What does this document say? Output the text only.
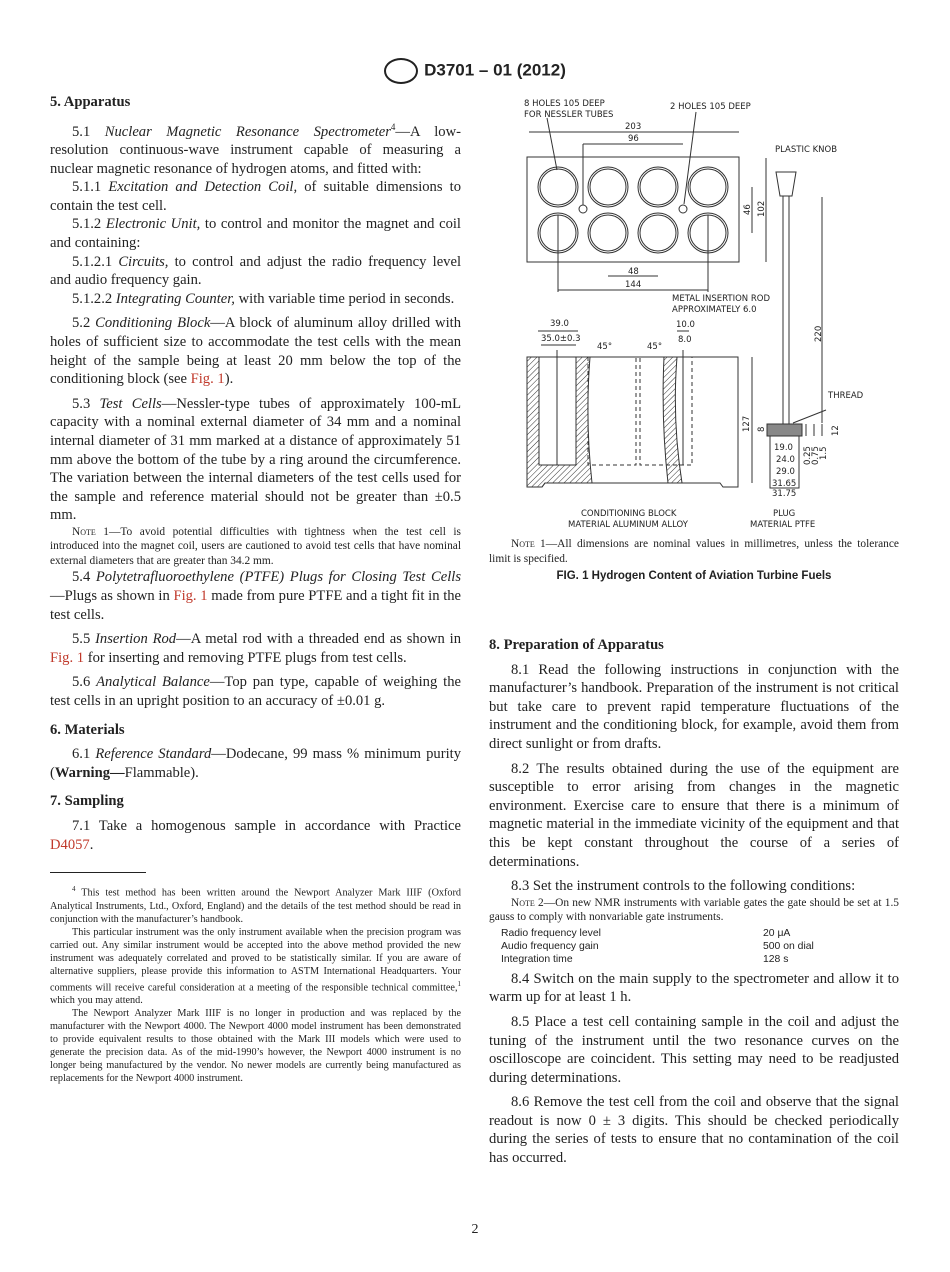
D3701 – 01 (2012)
5. Apparatus

5.1 Nuclear Magnetic Resonance Spectrometer$^4$—A low-resolution continuous-wave instrument capable of measuring a nuclear magnetic resonance of hydrogen atoms, and fitted with:

5.1.1 Excitation and Detection Coil, of suitable dimensions to contain the test cell.

5.1.2 Electronic Unit, to control and monitor the magnet and coil and containing:

5.1.2.1 Circuits, to control and adjust the radio frequency level and audio frequency gain.

5.1.2.2 Integrating Counter, with variable time period in seconds.

5.2 Conditioning Block—A block of aluminum alloy drilled with holes of sufficient size to accommodate the test cells with the mean height of the sample being at least 20 mm below the top of the conditioning block (see Fig. 1).

5.3 Test Cells—Nessler-type tubes of approximately 100-mL capacity with a nominal external diameter of 34 mm and a nominal internal diameter of 31 mm marked at a distance of approximately 51 mm above the bottom of the tube by a ring around the circumference. The variation between the internal diameters of the test cells used for the sample and reference material should not be greater than ±0.5 mm.

Note 1—To avoid potential difficulties with tightness when the test cell is introduced into the magnet coil, users are cautioned to avoid test cells that have nominal external diameters that are greater than 34.2 mm.

5.4 Polytetrafluoroethylene (PTFE) Plugs for Closing Test Cells—Plugs as shown in Fig. 1 made from pure PTFE and a tight fit in the test cells.

5.5 Insertion Rod—A metal rod with a threaded end as shown in Fig. 1 for inserting and removing PTFE plugs from test cells.

5.6 Analytical Balance—Top pan type, capable of weighing the test cells in an upright position to an accuracy of ±0.01 g.

6. Materials

6.1 Reference Standard—Dodecane, 99 mass % minimum purity (Warning—Flammable).

7. Sampling

7.1 Take a homogenous sample in accordance with Practice D4057.

$^4$ This test method has been written around the Newport Analyzer Mark IIIF (Oxford Analytical Instruments, Ltd., Oxford, England) and the details of the test method should be read in conjunction with the manufacturer’s handbook.

This particular instrument was the only instrument available when the precision program was carried out. Any similar instrument would be accepted into the above method provided the new instrument was adequately correlated and proved to be statistically similar. If you are aware of alternative suppliers, please provide this information to ASTM International Headquarters. Your comments will receive careful consideration at a meeting of the responsible technical committee,$^1$ which you may attend.

The Newport Analyzer Mark IIIF is no longer in production and was replaced by the manufacturer with the Newport 4000. The Newport 4000 model instrument has been demonstrated to provide equivalent results to those obtained with the Mark III models which were used to generate the precision data. As of the mid-1990’s however, the Newport 4000 instrument is no longer being manufactured by the vendor. No newer models are currently being manufactured as replacements for the Newport 4000 instrument.

8 HOLES 105 DEEP
FOR NESSLER TUBES
2 HOLES 105 DEEP
203
96
PLASTIC KNOB
46 102
48
144
METAL INSERTION ROD
APPROXIMATELY 6.0
39.0
35.0±0.3
45°	45°
10.0
8.0	220
THREAD
127 8	12
19.0
24.0
29.0
31.65
31.75
0.25
0.75
1.5
CONDITIONING BLOCK
MATERIAL ALUMINUM ALLOY
PLUG
MATERIAL PTFE
Note 1—All dimensions are nominal values in millimetres, unless the tolerance limit is specified.
FIG. 1 Hydrogen Content of Aviation Turbine Fuels
8. Preparation of Apparatus

8.1 Read the following instructions in conjunction with the manufacturer’s handbook. Preparation of the instrument is not critical but take care to prevent rapid temperature fluctuations of the instrument and the conditioning block, for example, avoid them from direct sunlight or from drafts.

8.2 The results obtained during the use of the equipment are susceptible to error arising from changes in the magnetic environment. Exercise care to ensure that there is a minimum of magnetic material in the immediate vicinity of the equipment and that this be kept constant throughout the course of a series of determinations.

8.3 Set the instrument controls to the following conditions:

Note 2—On new NMR instruments with variable gates the gate should be set at 1.5 gauss to comply with nonvariable gate instruments.

Radio frequency level	20 μA
Audio frequency gain	500 on dial
Integration time	128 s

8.4 Switch on the main supply to the spectrometer and allow it to warm up for at least 1 h.

8.5 Place a test cell containing sample in the coil and adjust the tuning of the instrument until the two resonance curves on the oscilloscope are coincident. This setting may need to be readjusted during determinations.

8.6 Remove the test cell from the coil and observe that the signal readout is now 0 ± 3 digits. This should be checked periodically during the series of tests to ensure that no contamination of the coil has occurred.

2
